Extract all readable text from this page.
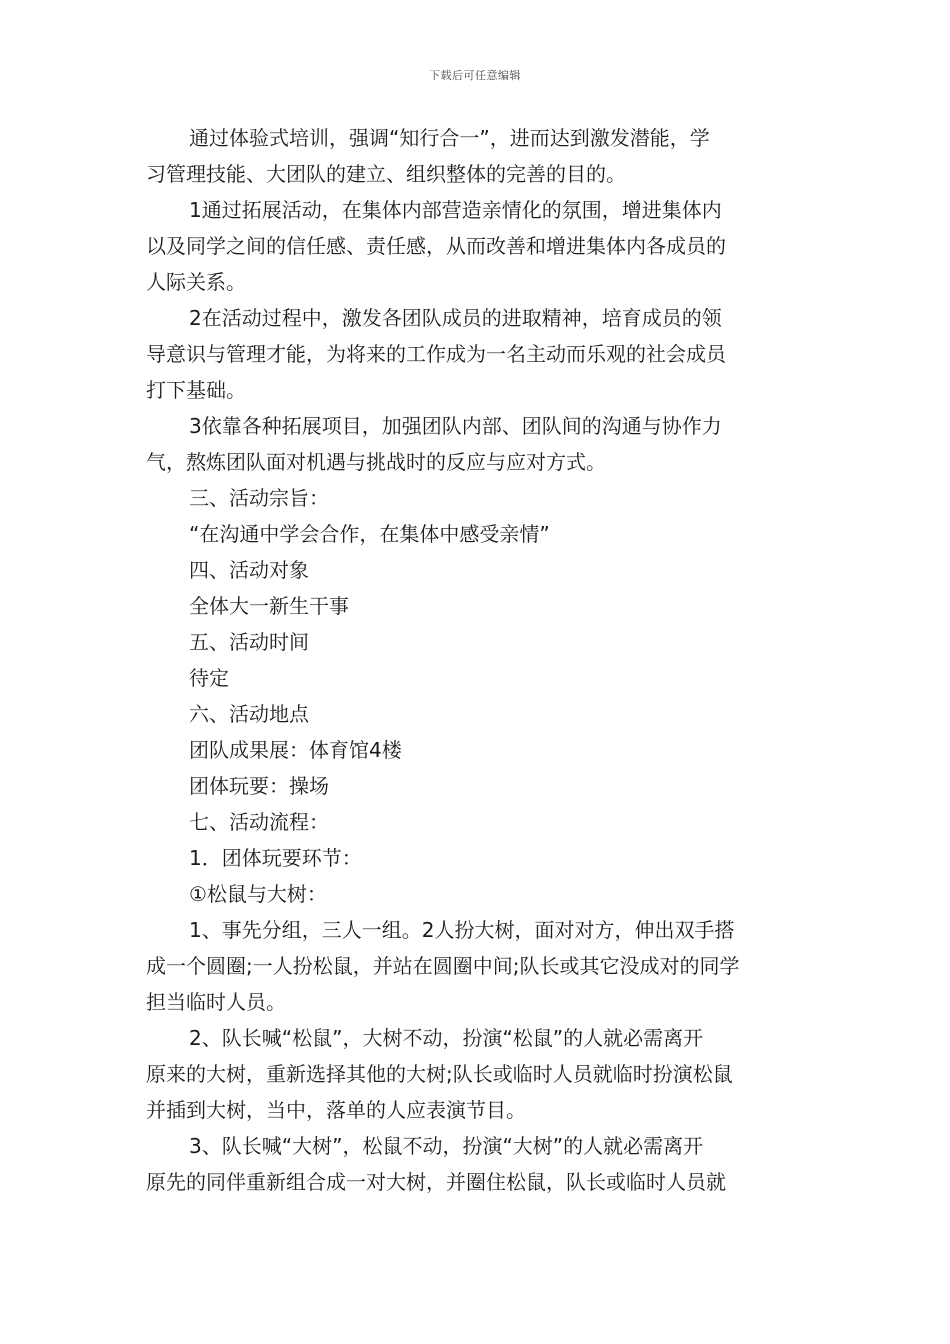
下载后可任意编辑
通过体验式培训，强调“知行合一”，进而达到激发潜能，学
习管理技能、大团队的建立、组织整体的完善的目的。
1通过拓展活动，在集体内部营造亲情化的氛围，增进集体内
以及同学之间的信任感、责任感，从而改善和增进集体内各成员的
人际关系。
2在活动过程中，激发各团队成员的进取精神，培育成员的领
导意识与管理才能，为将来的工作成为一名主动而乐观的社会成员
打下基础。
3依靠各种拓展项目，加强团队内部、团队间的沟通与协作力
气，熬炼团队面对机遇与挑战时的反应与应对方式。
三、活动宗旨：
“在沟通中学会合作，在集体中感受亲情”
四、活动对象
全体大一新生干事
五、活动时间
待定
六、活动地点
团队成果展：体育馆4楼
团体玩要：操场
七、活动流程：
1．团体玩要环节：
①松鼠与大树：
1、事先分组，三人一组。2人扮大树，面对对方，伸出双手搭
成一个圆圈;一人扮松鼠，并站在圆圈中间;队长或其它没成对的同学
担当临时人员。
2、队长喊“松鼠”，大树不动，扮演“松鼠”的人就必需离开
原来的大树，重新选择其他的大树;队长或临时人员就临时扮演松鼠
并插到大树，当中，落单的人应表演节目。
3、队长喊“大树”，松鼠不动，扮演“大树”的人就必需离开
原先的同伴重新组合成一对大树，并圈住松鼠，队长或临时人员就
